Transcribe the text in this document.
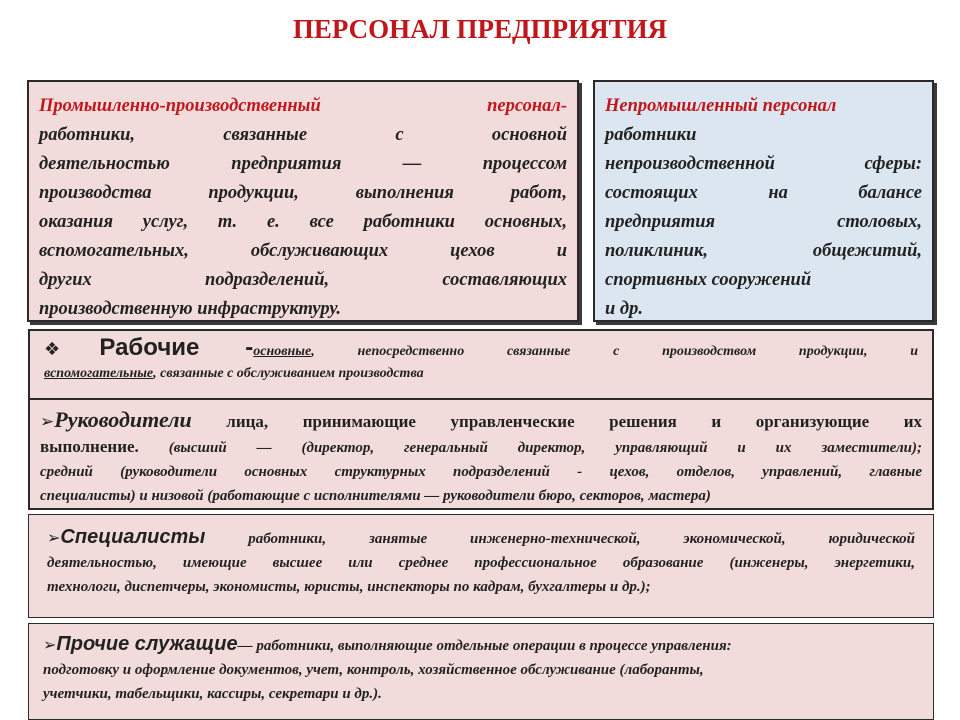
ПЕРСОНАЛ ПРЕДПРИЯТИЯ
Промышленно-производственный персонал-
работники, связанные с основной
деятельностью предприятия — процессом
производства продукции, выполнения работ,
оказания услуг, т. е. все работники основных,
вспомогательных, обслуживающих цехов и
других подразделений, составляющих
производственную инфраструктуру.
Непромышленный персонал
работники
непроизводственной сферы:
состоящих на балансе
предприятия столовых,
поликлиник, общежитий,
спортивных сооружений
и др.
❖Рабочие -основные, непосредственно связанные с производством продукции, и
вспомогательные, связанные с обслуживанием производства
➢Руководители лица, принимающие управленческие решения и организующие их
выполнение. (высший — (директор, генеральный директор, управляющий и их заместители);
средний (руководители основных структурных подразделений - цехов, отделов, управлений, главные
специалисты) и низовой (работающие с исполнителями — руководители бюро, секторов, мастера)
➢Специалисты работники, занятые инженерно-технической, экономической, юридической
деятельностью, имеющие высшее или среднее профессиональное образование (инженеры, энергетики,
технологи, диспетчеры, экономисты, юристы, инспекторы по кадрам, бухгалтеры и др.);
➢Прочие служащие— работники, выполняющие отдельные операции в процессе управления:
подготовку и оформление документов, учет, контроль, хозяйственное обслуживание (лаборанты,
учетчики, табельщики, кассиры, секретари и др.).
